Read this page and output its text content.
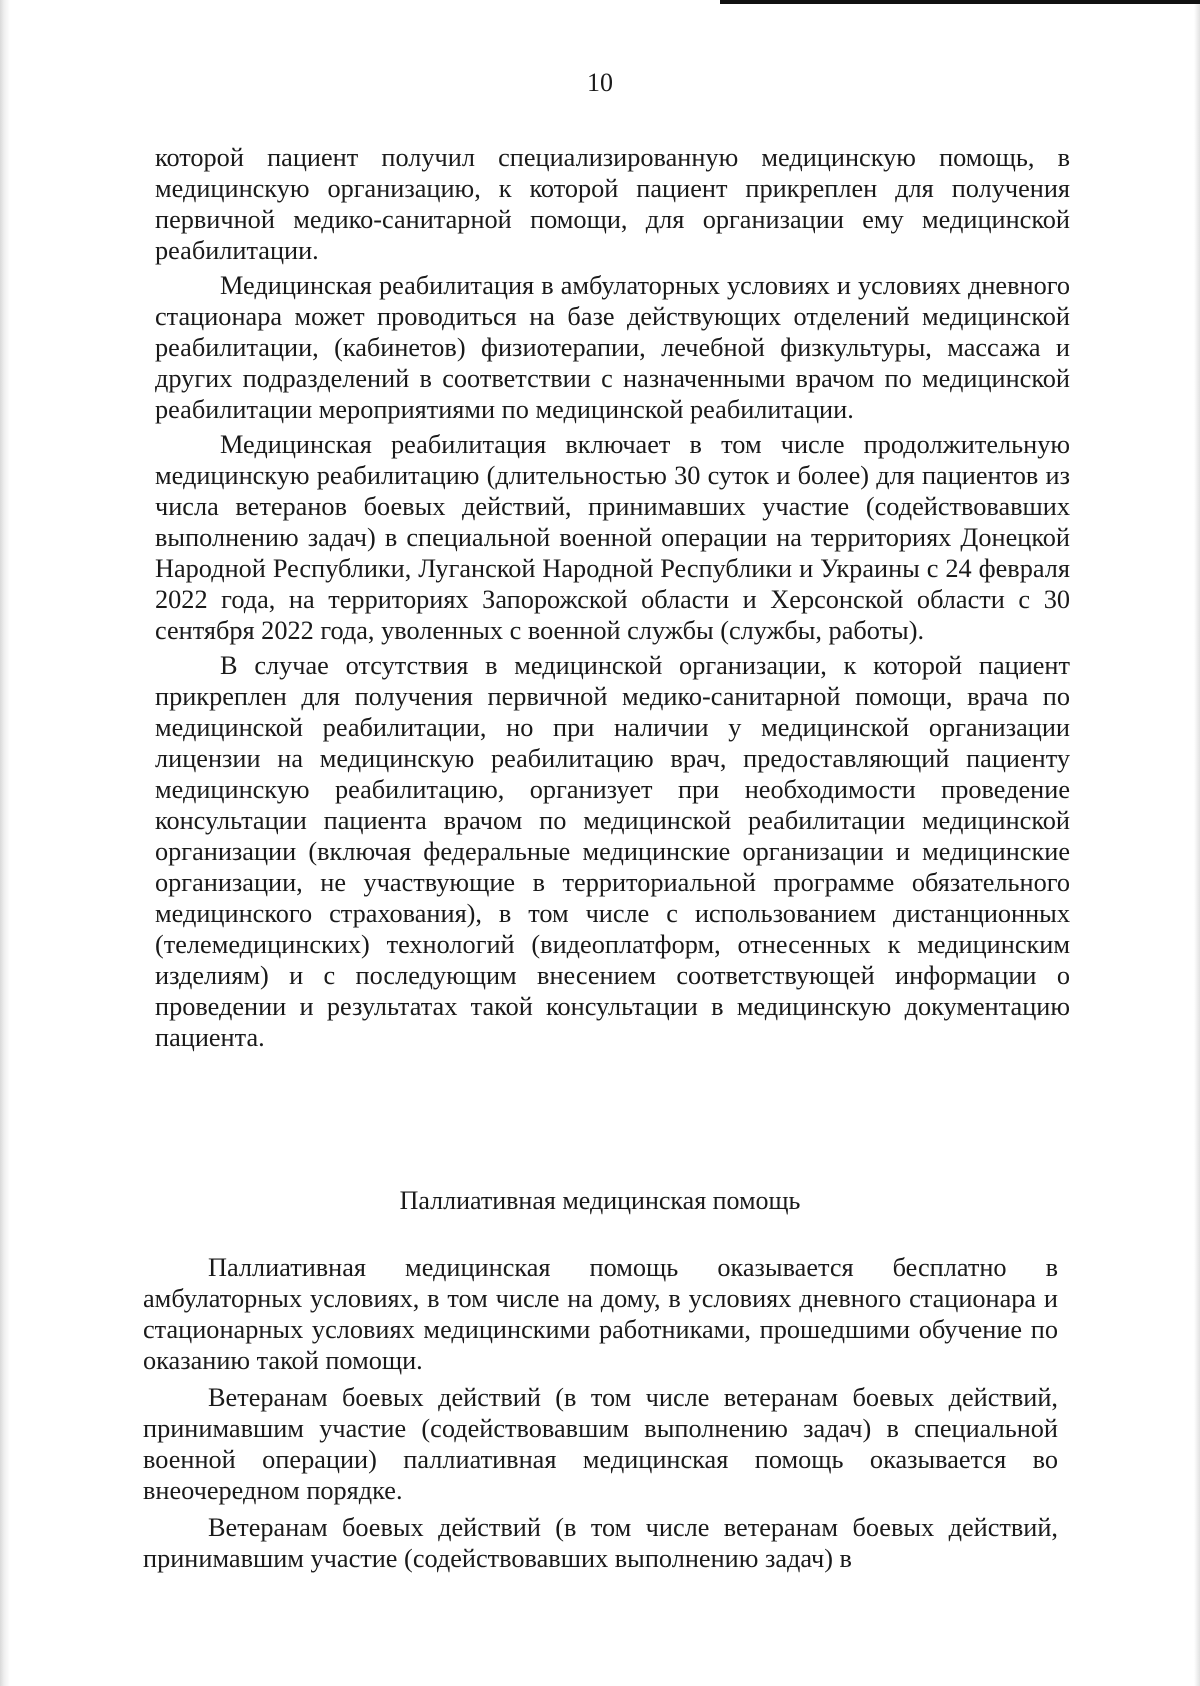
10

которой пациент получил специализированную медицинскую помощь, в медицинскую организацию, к которой пациент прикреплен для получения первичной медико-санитарной помощи, для организации ему медицинской реабилитации.

Медицинская реабилитация в амбулаторных условиях и условиях дневного стационара может проводиться на базе действующих отделений медицинской реабилитации, (кабинетов) физиотерапии, лечебной физкультуры, массажа и других подразделений в соответствии с назначенными врачом по медицинской реабилитации мероприятиями по медицинской реабилитации.

Медицинская реабилитация включает в том числе продолжительную медицинскую реабилитацию (длительностью 30 суток и более) для пациентов из числа ветеранов боевых действий, принимавших участие (содействовавших выполнению задач) в специальной военной операции на территориях Донецкой Народной Республики, Луганской Народной Республики и Украины с 24 февраля 2022 года, на территориях Запорожской области и Херсонской области с 30 сентября 2022 года, уволенных с военной службы (службы, работы).

В случае отсутствия в медицинской организации, к которой пациент прикреплен для получения первичной медико-санитарной помощи, врача по медицинской реабилитации, но при наличии у медицинской организации лицензии на медицинскую реабилитацию врач, предоставляющий пациенту медицинскую реабилитацию, организует при необходимости проведение консультации пациента врачом по медицинской реабилитации медицинской организации (включая федеральные медицинские организации и медицинские организации, не участвующие в территориальной программе обязательного медицинского страхования), в том числе с использованием дистанционных (телемедицинских) технологий (видеоплатформ, отнесенных к медицинским изделиям) и с последующим внесением соответствующей информации о проведении и результатах такой консультации в медицинскую документацию пациента.

Паллиативная медицинская помощь

Паллиативная медицинская помощь оказывается бесплатно в амбулаторных условиях, в том числе на дому, в условиях дневного стационара и стационарных условиях медицинскими работниками, прошедшими обучение по оказанию такой помощи.

Ветеранам боевых действий (в том числе ветеранам боевых действий, принимавшим участие (содействовавшим выполнению задач) в специальной военной операции) паллиативная медицинская помощь оказывается во внеочередном порядке.

Ветеранам боевых действий (в том числе ветеранам боевых действий, принимавшим участие (содействовавших выполнению задач) в
